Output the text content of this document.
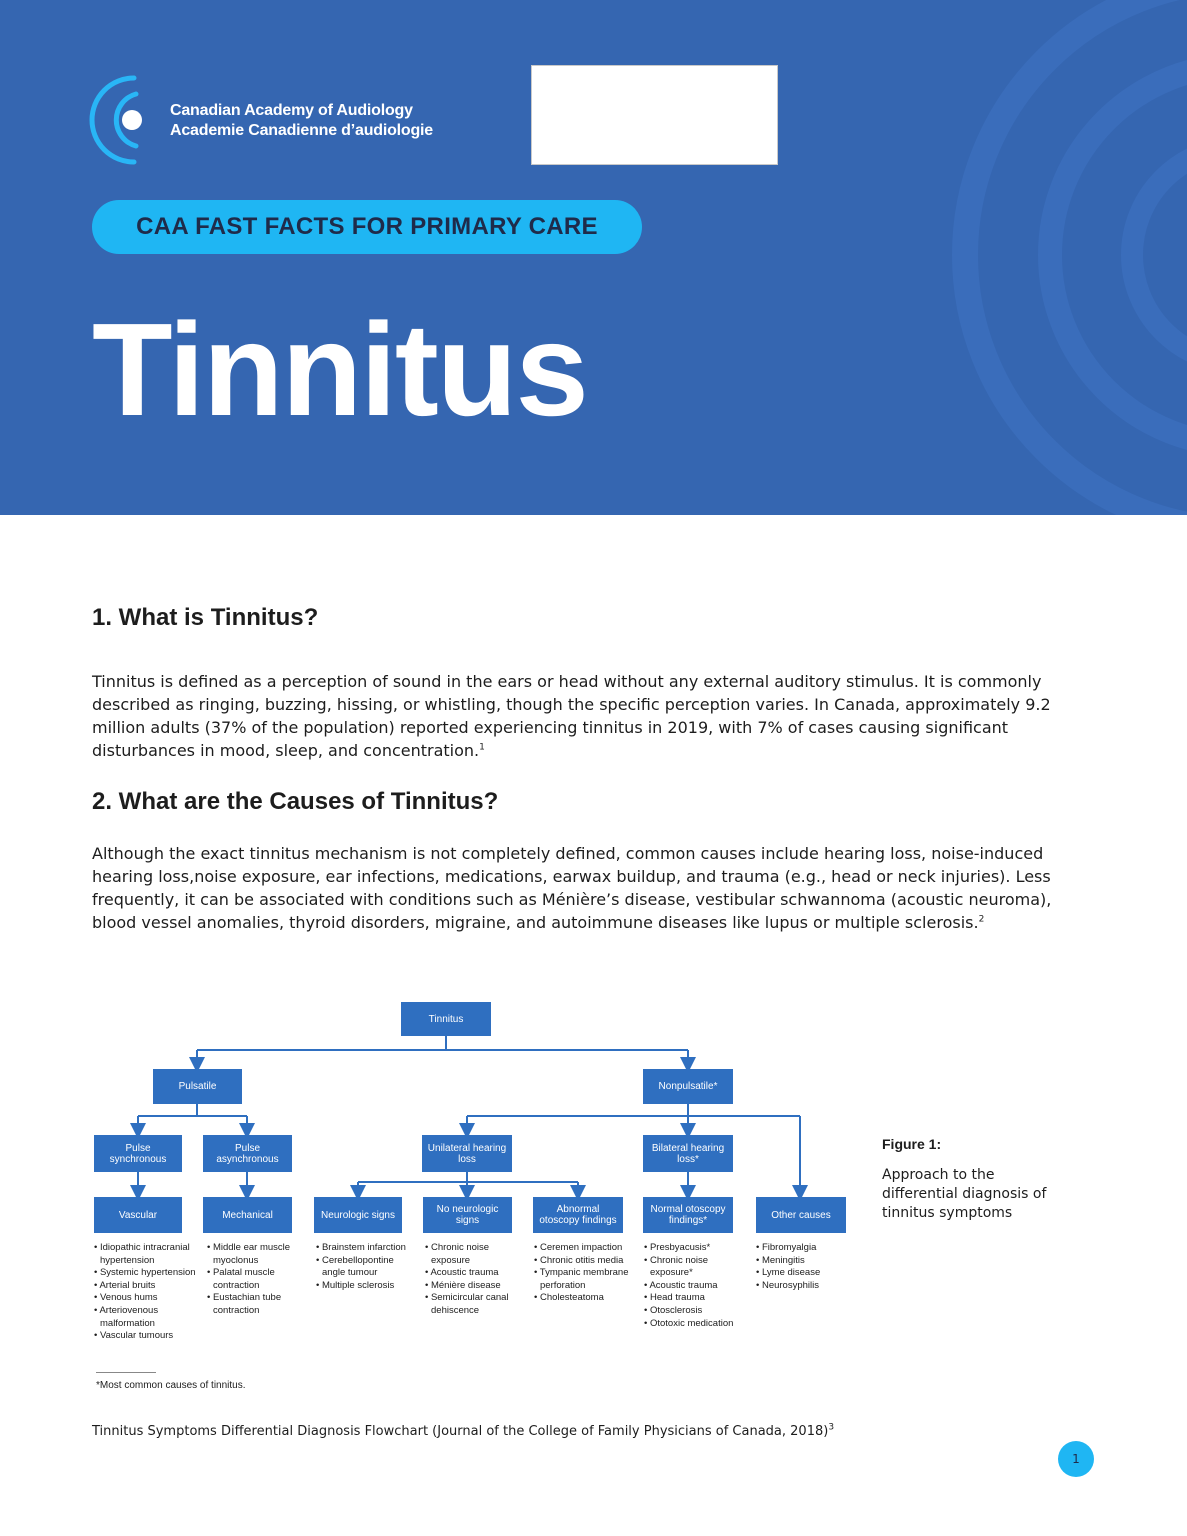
Canadian Academy of Audiology
Academie Canadienne d’audiologie
CAA FAST FACTS FOR PRIMARY CARE
Tinnitus
1. What is Tinnitus?

Tinnitus is defined as a perception of sound in the ears or head without any external auditory stimulus. It is commonly described as ringing, buzzing, hissing, or whistling, though the specific perception varies. In Canada, approximately 9.2 million adults (37% of the population) reported experiencing tinnitus in 2019, with 7% of cases causing significant disturbances in mood, sleep, and concentration.$^1$

2. What are the Causes of Tinnitus?

Although the exact tinnitus mechanism is not completely defined, common causes include hearing loss, noise-induced hearing loss,noise exposure, ear infections, medications, earwax buildup, and trauma (e.g., head or neck injuries). Less frequently, it can be associated with conditions such as Ménière’s disease, vestibular schwannoma (acoustic neuroma), blood vessel anomalies, thyroid disorders, migraine, and autoimmune diseases like lupus or multiple sclerosis.$^2$

Tinnitus
Pulsatile	Nonpulsatile*
Pulse synchronous
Pulse asynchronous
Unilateral hearing loss
Bilateral hearing loss*
Vascular	Mechanical	Neurologic signs	No neurologic signs
Abnormal otoscopy findings
Normal otoscopy findings*	Other causes
• Idiopathic intracranial hypertension
• Systemic hypertension
• Arterial bruits
• Venous hums
• Arteriovenous malformation
• Vascular tumours
• Middle ear muscle myoclonus
• Palatal muscle contraction
• Eustachian tube contraction
• Brainstem infarction
• Cerebellopontine angle tumour
• Multiple sclerosis
• Chronic noise exposure
• Acoustic trauma
• Ménière disease
• Semicircular canal dehiscence
• Ceremen impaction
• Chronic otitis media
• Tympanic membrane perforation
• Cholesteatoma
• Presbyacusis*
• Chronic noise exposure*
• Acoustic trauma
• Head trauma
• Otosclerosis
• Ototoxic medication
• Fibromyalgia
• Meningitis
• Lyme disease
• Neurosyphilis
*Most common causes of tinnitus.
Figure 1:
Approach to the differential diagnosis of tinnitus symptoms
Tinnitus Symptoms Differential Diagnosis Flowchart (Journal of the College of Family Physicians of Canada, 2018)$^3$
1
